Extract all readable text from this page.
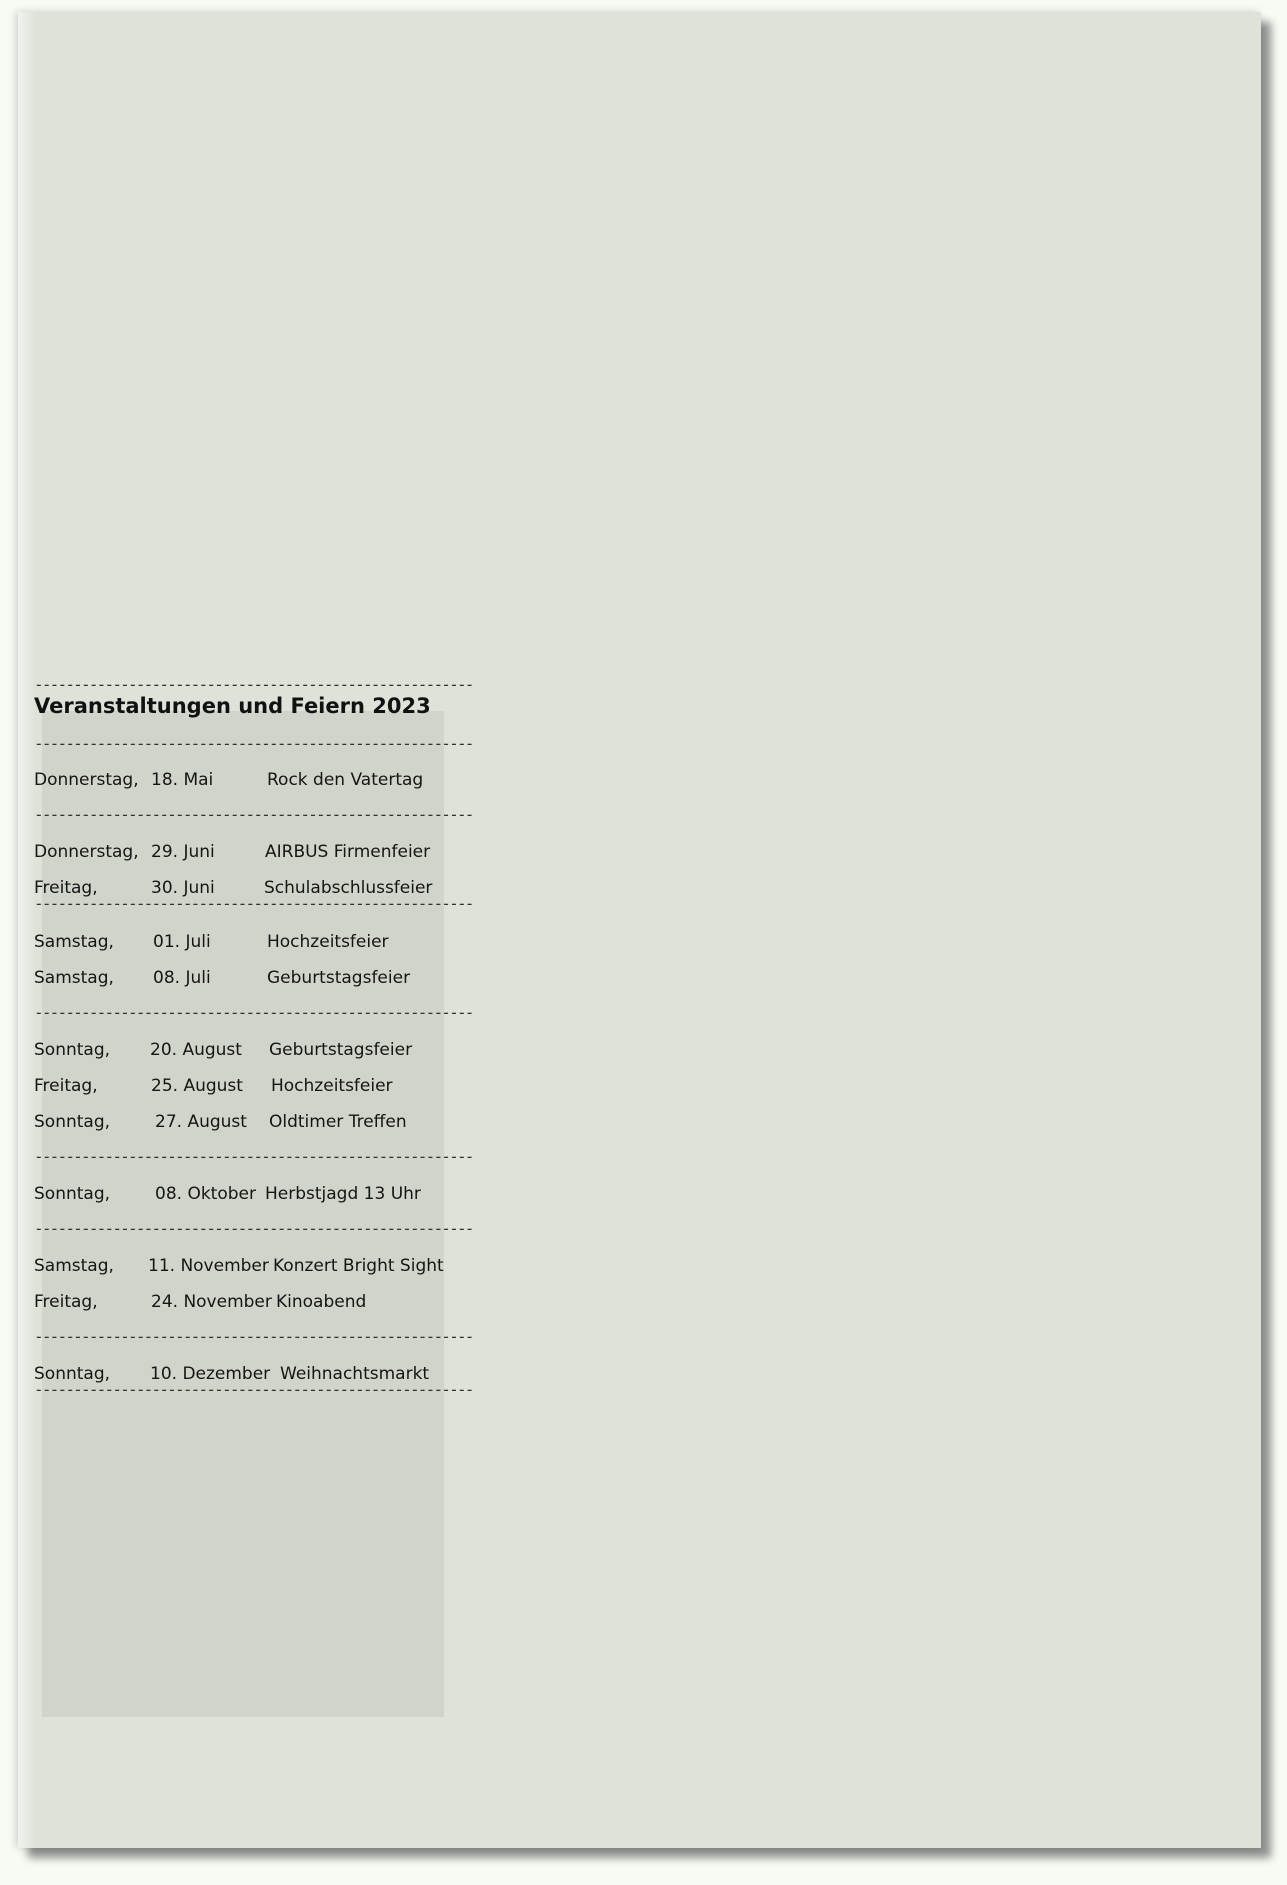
--------------------------------------------------------
Veranstaltungen und Feiern 2023
--------------------------------------------------------
Donnerstag, 18. Mai	Rock den Vatertag
--------------------------------------------------------
Donnerstag, 29. Juni	AIRBUS Firmenfeier
Freitag,	30. Juni	Schulabschlussfeier
--------------------------------------------------------
Samstag, 01. Juli	Hochzeitsfeier
Samstag, 08. Juli	Geburtstagsfeier
--------------------------------------------------------
Sonntag, 20. August Geburtstagsfeier
Freitag,	25. August Hochzeitsfeier
Sonntag,	27. August Oldtimer Treffen
--------------------------------------------------------
Sonntag,	08. Oktober Herbstjagd 13 Uhr
--------------------------------------------------------
Samstag, 11. November Konzert Bright Sight
Freitag,	24. November Kinoabend
--------------------------------------------------------
Sonntag, 10. Dezember Weihnachtsmarkt
--------------------------------------------------------
